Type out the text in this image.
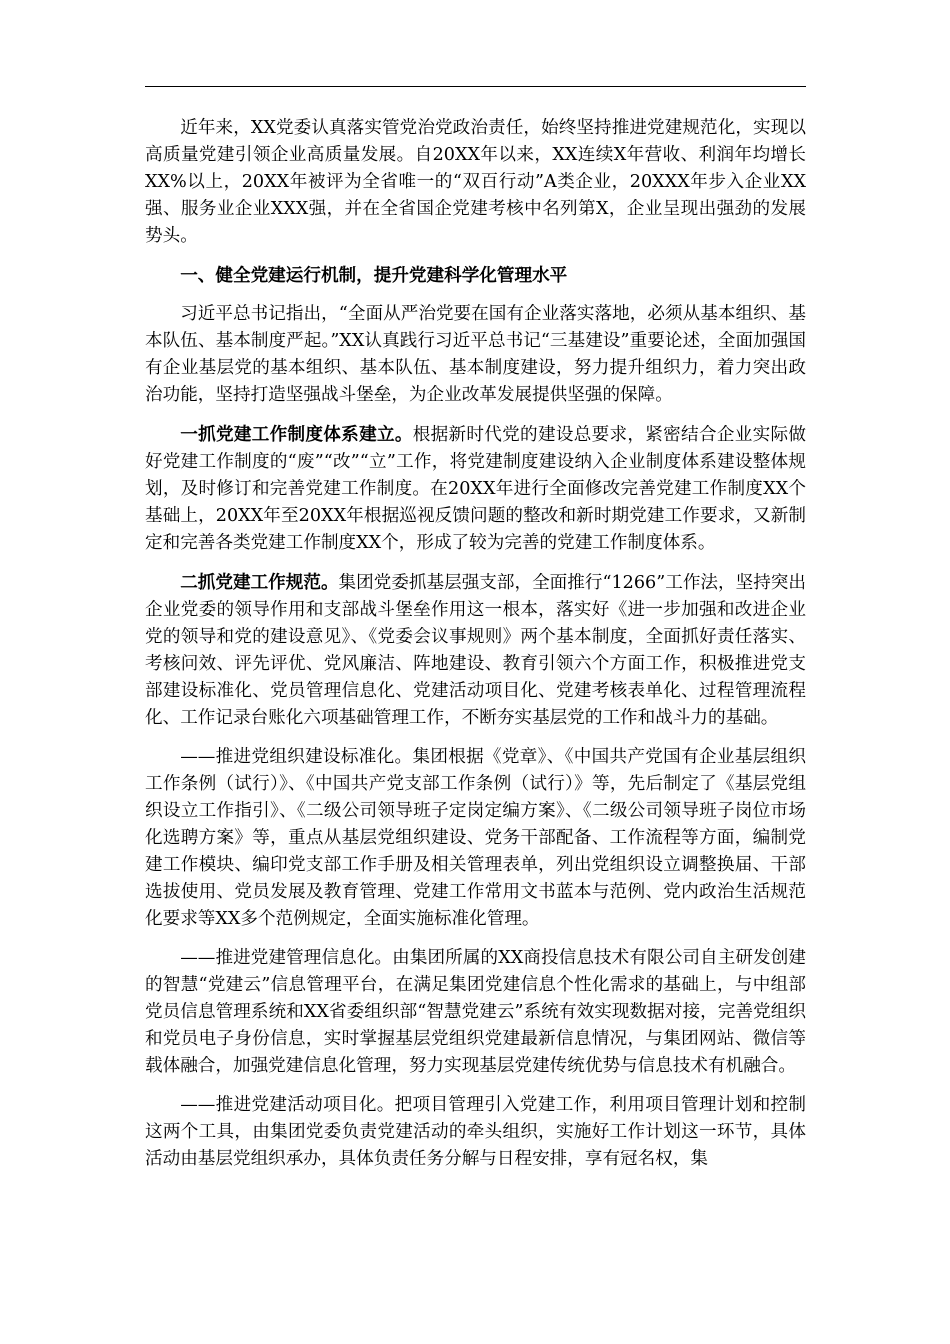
近年来，XX党委认真落实管党治党政治责任，始终坚持推进党建规范化，实现以高质量党建引领企业高质量发展。自20XX年以来，XX连续X年营收、利润年均增长XX%以上，20XX年被评为全省唯一的“双百行动”A类企业，20XXX年步入企业XX强、服务业企业XXX强，并在全省国企党建考核中名列第X，企业呈现出强劲的发展势头。

一、健全党建运行机制，提升党建科学化管理水平

习近平总书记指出，“全面从严治党要在国有企业落实落地，必须从基本组织、基本队伍、基本制度严起。”XX认真践行习近平总书记“三基建设”重要论述，全面加强国有企业基层党的基本组织、基本队伍、基本制度建设，努力提升组织力，着力突出政治功能，坚持打造坚强战斗堡垒，为企业改革发展提供坚强的保障。

一抓党建工作制度体系建立。根据新时代党的建设总要求，紧密结合企业实际做好党建工作制度的“废”“改”“立”工作，将党建制度建设纳入企业制度体系建设整体规划，及时修订和完善党建工作制度。在20XX年进行全面修改完善党建工作制度XX个基础上，20XX年至20XX年根据巡视反馈问题的整改和新时期党建工作要求，又新制定和完善各类党建工作制度XX个，形成了较为完善的党建工作制度体系。

二抓党建工作规范。集团党委抓基层强支部，全面推行“1266”工作法，坚持突出企业党委的领导作用和支部战斗堡垒作用这一根本，落实好《进一步加强和改进企业党的领导和党的建设意见》、《党委会议事规则》两个基本制度，全面抓好责任落实、考核问效、评先评优、党风廉洁、阵地建设、教育引领六个方面工作，积极推进党支部建设标准化、党员管理信息化、党建活动项目化、党建考核表单化、过程管理流程化、工作记录台账化六项基础管理工作，不断夯实基层党的工作和战斗力的基础。

——推进党组织建设标准化。集团根据《党章》、《中国共产党国有企业基层组织工作条例（试行）》、《中国共产党支部工作条例（试行）》等，先后制定了《基层党组织设立工作指引》、《二级公司领导班子定岗定编方案》、《二级公司领导班子岗位市场化选聘方案》等，重点从基层党组织建设、党务干部配备、工作流程等方面，编制党建工作模块、编印党支部工作手册及相关管理表单，列出党组织设立调整换届、干部选拔使用、党员发展及教育管理、党建工作常用文书蓝本与范例、党内政治生活规范化要求等XX多个范例规定，全面实施标准化管理。

——推进党建管理信息化。由集团所属的XX商投信息技术有限公司自主研发创建的智慧“党建云”信息管理平台，在满足集团党建信息个性化需求的基础上，与中组部党员信息管理系统和XX省委组织部“智慧党建云”系统有效实现数据对接，完善党组织和党员电子身份信息，实时掌握基层党组织党建最新信息情况，与集团网站、微信等载体融合，加强党建信息化管理，努力实现基层党建传统优势与信息技术有机融合。

——推进党建活动项目化。把项目管理引入党建工作，利用项目管理计划和控制这两个工具，由集团党委负责党建活动的牵头组织，实施好工作计划这一环节，具体活动由基层党组织承办，具体负责任务分解与日程安排，享有冠名权，集
